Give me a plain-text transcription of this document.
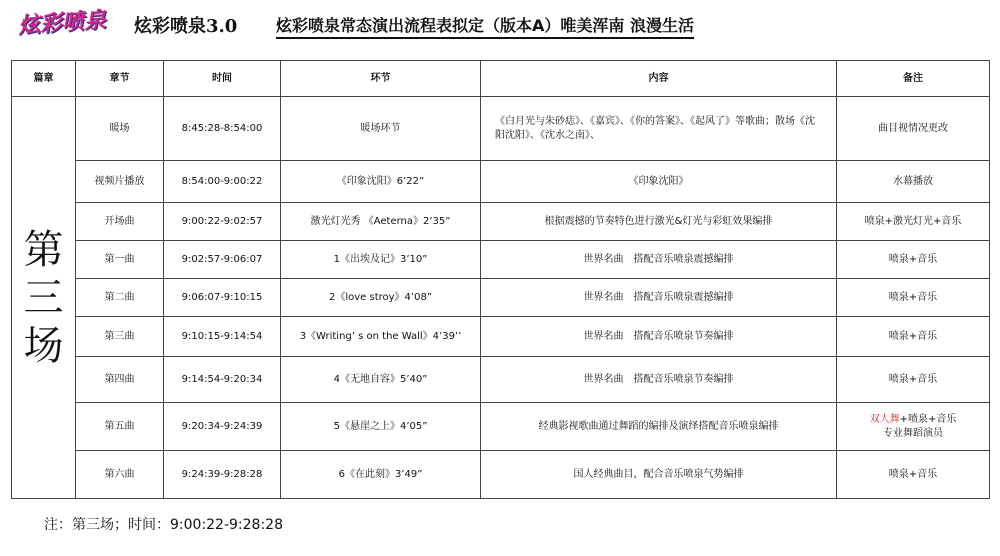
炫彩喷泉 炫彩喷泉3.0 炫彩喷泉常态演出流程表拟定（版本A）唯美浑南 浪漫生活
篇章	章节	时间	环节	内容	备注

第
三
场	暖场	8:45:28-8:54:00	暖场环节	《白月光与朱砂痣》、《嘉宾》、《你的答案》、《起风了》等歌曲；散场《沈阳沈阳》、《沈水之南》、	曲目视情况更改
	视频片播放	8:54:00-9:00:22	《印象沈阳》6’22”	《印象沈阳》	水幕播放
	开场曲	9:00:22-9:02:57	激光灯光秀 《Aeterna》2’35”	根据震撼的节奏特色进行激光&灯光与彩虹效果编排	喷泉+激光灯光+音乐
	第一曲	9:02:57-9:06:07	1《出埃及记》3’10”	世界名曲　搭配音乐喷泉震撼编排	喷泉+音乐
	第二曲	9:06:07-9:10:15	2《love stroy》4’08”	世界名曲　搭配音乐喷泉震撼编排	喷泉+音乐
	第三曲	9:10:15-9:14:54	3《Writing’ s on the Wall》4’39’’	世界名曲　搭配音乐喷泉节奏编排	喷泉+音乐
	第四曲	9:14:54-9:20:34	4《无地自容》5’40”	世界名曲　搭配音乐喷泉节奏编排	喷泉+音乐
	第五曲	9:20:34-9:24:39	5《悬崖之上》4’05”	经典影视歌曲通过舞蹈的编排及演绎搭配音乐喷泉编排	双人舞+喷泉+音乐
专业舞蹈演员
	第六曲	9:24:39-9:28:28	6《在此刻》3’49”	国人经典曲目，配合音乐喷泉气势编排	喷泉+音乐
注：第三场；时间：9:00:22-9:28:28
